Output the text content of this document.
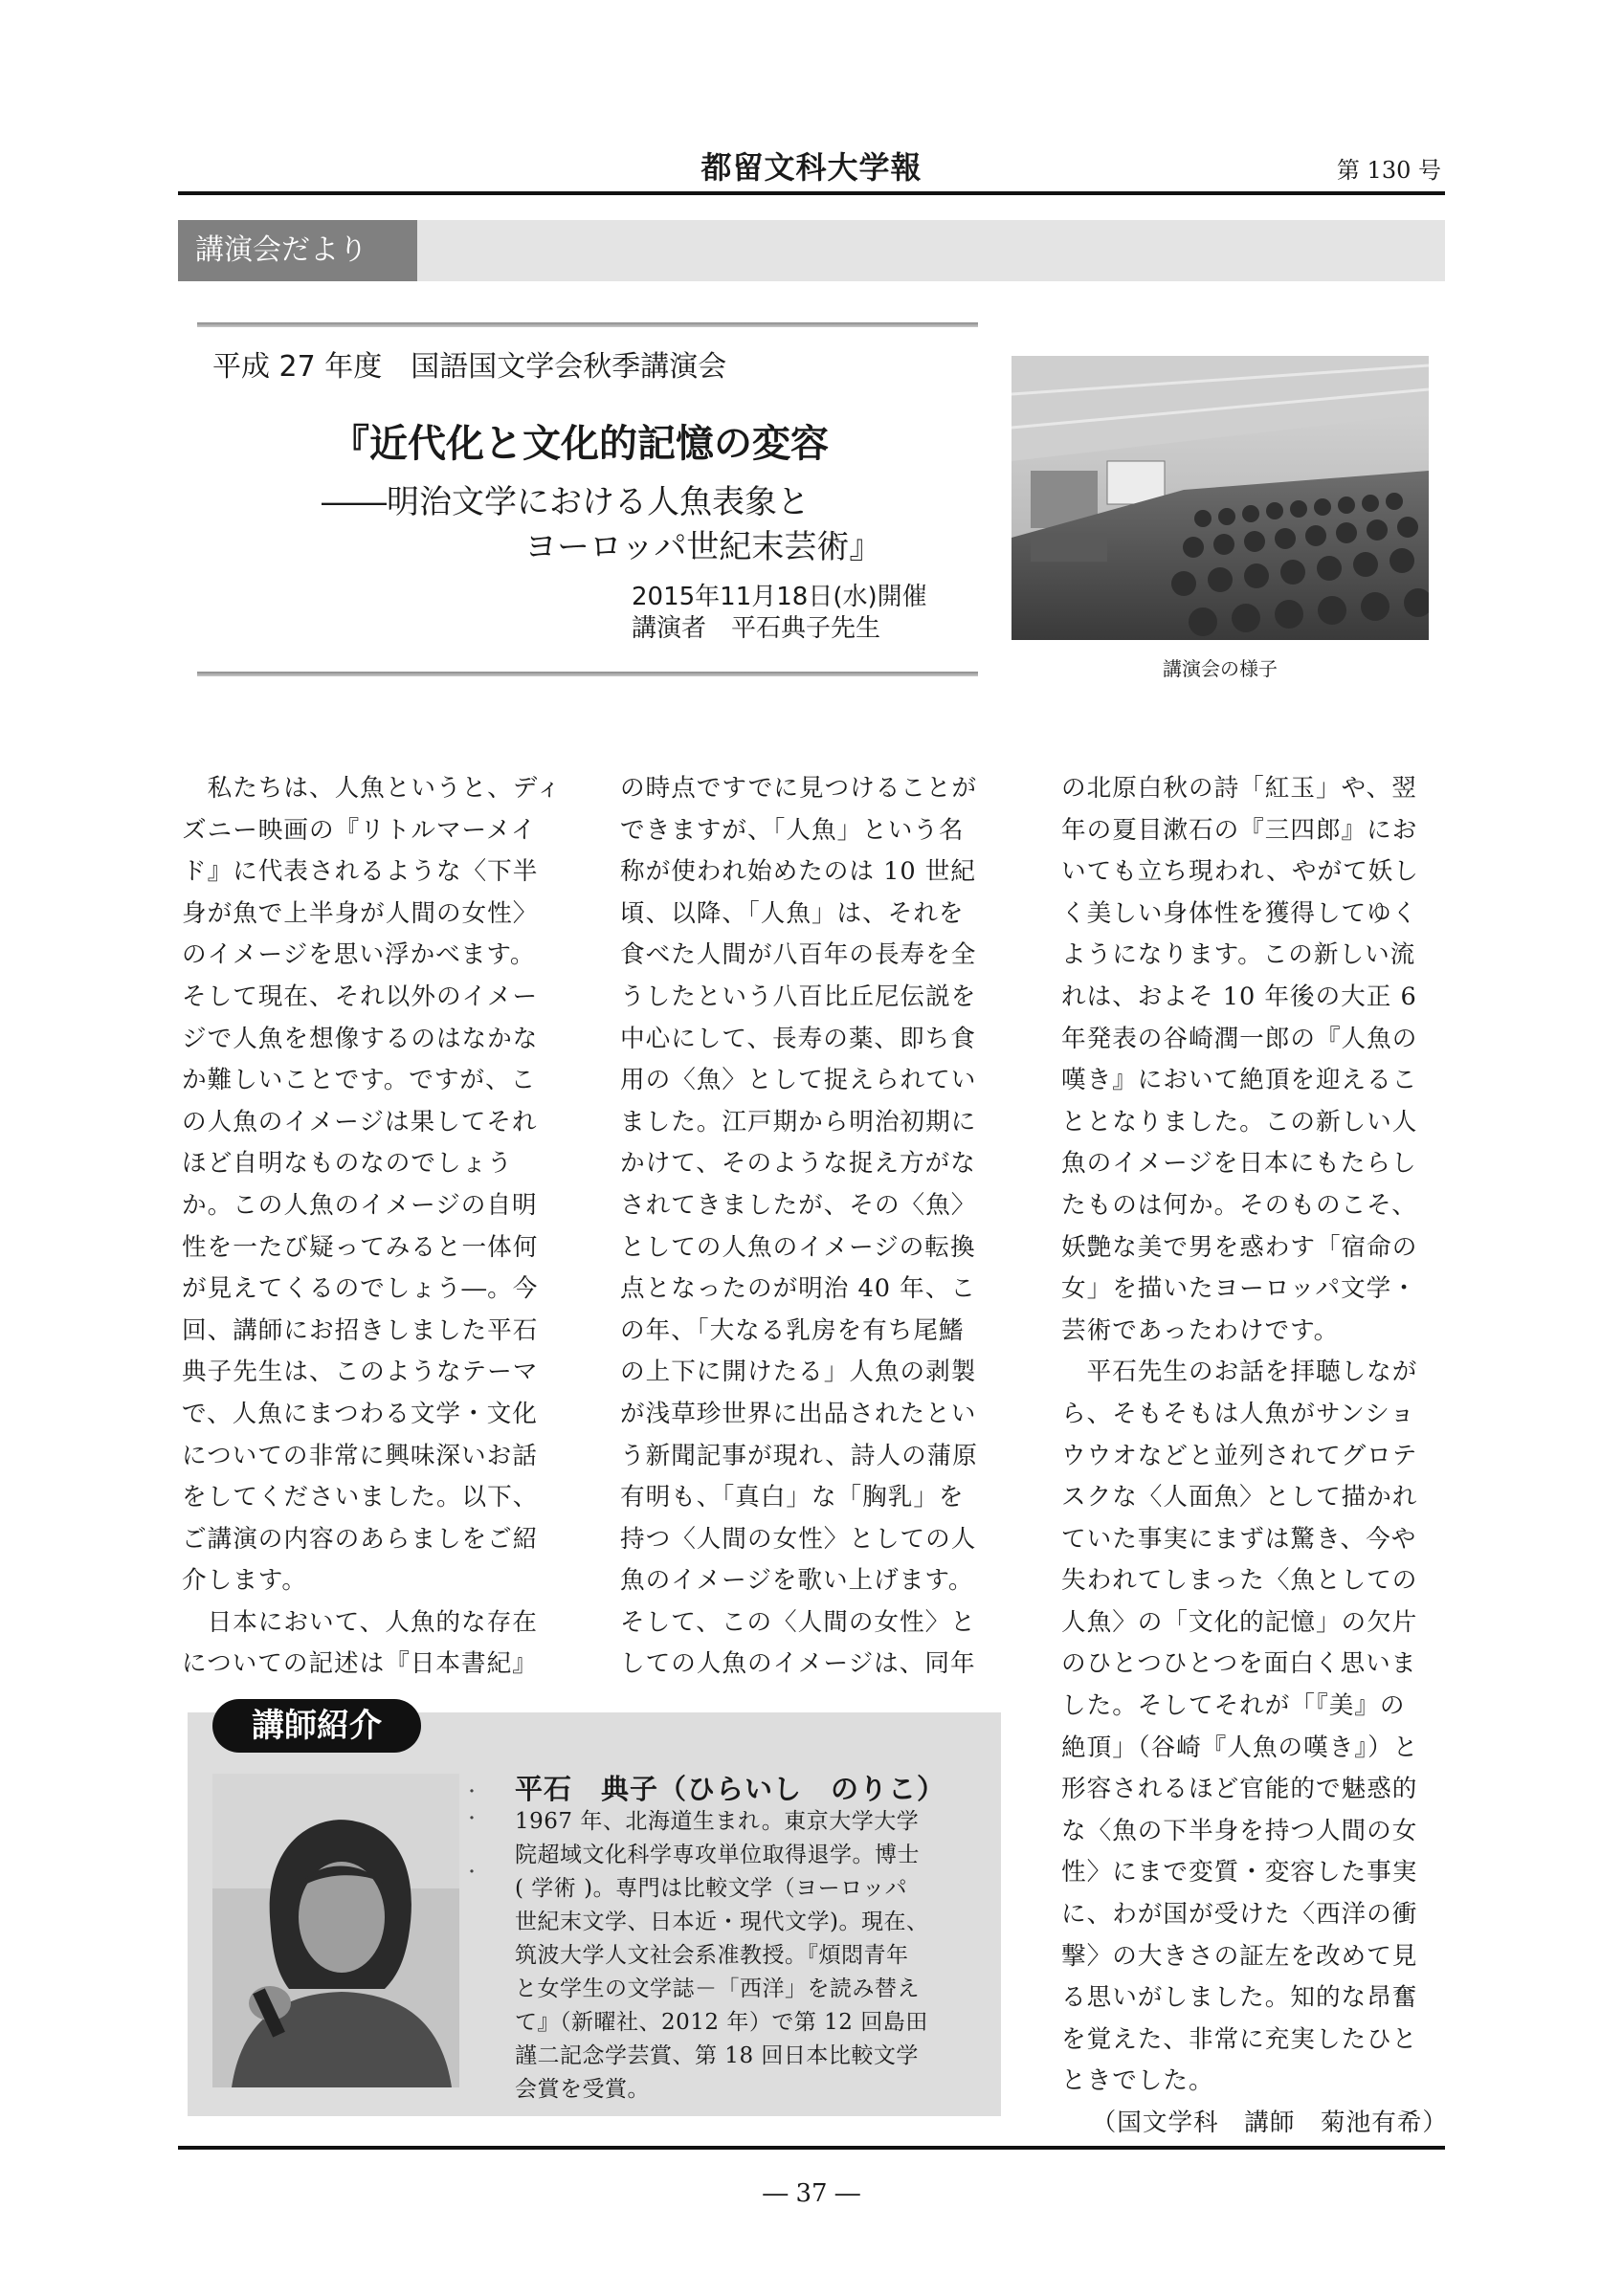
都留文科大学報	第 130 号
講演会だより
平成 27 年度　国語国文学会秋季講演会
『近代化と文化的記憶の変容
――明治文学における人魚表象と
ヨーロッパ世紀末芸術』
2015年11月18日(水)開催
講演者　平石典子先生
講演会の様子

　私たちは、人魚というと、ディ

ズニー映画の『リトルマーメイ

ド』に代表されるような〈下半

身が魚で上半身が人間の女性〉

のイメージを思い浮かべます。

そして現在、それ以外のイメー

ジで人魚を想像するのはなかな

か難しいことです。ですが、こ

の人魚のイメージは果してそれ

ほど自明なものなのでしょう

か。この人魚のイメージの自明

性を一たび疑ってみると一体何

が見えてくるのでしょう―。今

回、講師にお招きしました平石

典子先生は、このようなテーマ

で、人魚にまつわる文学・文化

についての非常に興味深いお話

をしてくださいました。以下、

ご講演の内容のあらましをご紹

介します。

　日本において、人魚的な存在

についての記述は『日本書紀』

の時点ですでに見つけることが

できますが、「人魚」という名

称が使われ始めたのは 10 世紀

頃、以降、「人魚」は、それを

食べた人間が八百年の長寿を全

うしたという八百比丘尼伝説を

中心にして、長寿の薬、即ち食

用の〈魚〉として捉えられてい

ました。江戸期から明治初期に

かけて、そのような捉え方がな

されてきましたが、その〈魚〉

としての人魚のイメージの転換

点となったのが明治 40 年、こ

の年、「大なる乳房を有ち尾鰭

の上下に開けたる」人魚の剥製

が浅草珍世界に出品されたとい

う新聞記事が現れ、詩人の蒲原

有明も、「真白」な「胸乳」を

持つ〈人間の女性〉としての人

魚のイメージを歌い上げます。

そして、この〈人間の女性〉と

しての人魚のイメージは、同年

の北原白秋の詩「紅玉」や、翌

年の夏目漱石の『三四郎』にお

いても立ち現われ、やがて妖し

く美しい身体性を獲得してゆく

ようになります。この新しい流

れは、およそ 10 年後の大正 6

年発表の谷崎潤一郎の『人魚の

嘆き』において絶頂を迎えるこ

ととなりました。この新しい人

魚のイメージを日本にもたらし

たものは何か。そのものこそ、

妖艶な美で男を惑わす「宿命の

女」を描いたヨーロッパ文学・

芸術であったわけです。

　平石先生のお話を拝聴しなが

ら、そもそもは人魚がサンショ

ウウオなどと並列されてグロテ

スクな〈人面魚〉として描かれ

ていた事実にまずは驚き、今や

失われてしまった〈魚としての

人魚〉の「文化的記憶」の欠片

のひとつひとつを面白く思いま

した。そしてそれが「『美』の

絶頂」（谷崎『人魚の嘆き』）と

形容されるほど官能的で魅惑的

な〈魚の下半身を持つ人間の女

性〉にまで変質・変容した事実

に、わが国が受けた〈西洋の衝

撃〉の大きさの証左を改めて見

る思いがしました。知的な昂奮

を覚えた、非常に充実したひと

ときでした。

（国文学科　講師　菊池有希）

講師紹介
・
・

・
平石　典子（ひらいし　のりこ）

1967 年、北海道生まれ。東京大学大学

院超域文化科学専攻単位取得退学。博士

( 学術 )。専門は比較文学（ヨーロッパ

世紀末文学、日本近・現代文学)。現在、

筑波大学人文社会系准教授。『煩悶青年

と女学生の文学誌－「西洋」を読み替え

て』（新曜社、2012 年）で第 12 回島田

謹二記念学芸賞、第 18 回日本比較文学

会賞を受賞。

― 37 ―
